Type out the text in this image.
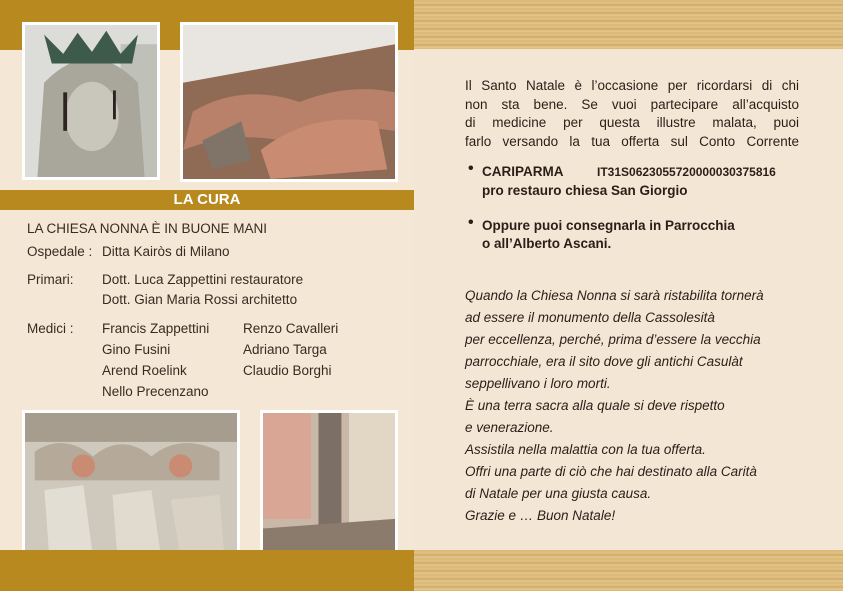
LA CURA
LA CHIESA NONNA È IN BUONE MANI
Ospedale : Ditta Kairòs di Milano
Primari: Dott. Luca Zappettini restauratore
Dott. Gian Maria Rossi architetto
Medici : Francis Zappettini
Gino Fusini
Arend Roelink
Nello Precenzano
Renzo Cavalleri
Adriano Targa
Claudio Borghi
Il Santo Natale è l’occasione per ricordarsi di chi
non sta bene. Se vuoi partecipare all’acquisto
di medicine per questa illustre malata, puoi
farlo versando la tua offerta sul Conto Corrente
• CARIPARMA	IT31S0623055720000030375816
pro restauro chiesa San Giorgio
• Oppure puoi consegnarla in Parrocchia
o all’Alberto Ascani.
Quando la Chiesa Nonna si sarà ristabilita tornerà
ad essere il monumento della Cassolesità
per eccellenza, perché, prima d’essere la vecchia
parrocchiale, era il sito dove gli antichi Casulàt
seppellivano i loro morti.
È una terra sacra alla quale si deve rispetto
e venerazione.
Assistila nella malattia con la tua offerta.
Offri una parte di ciò che hai destinato alla Carità
di Natale per una giusta causa.
Grazie e … Buon Natale!
